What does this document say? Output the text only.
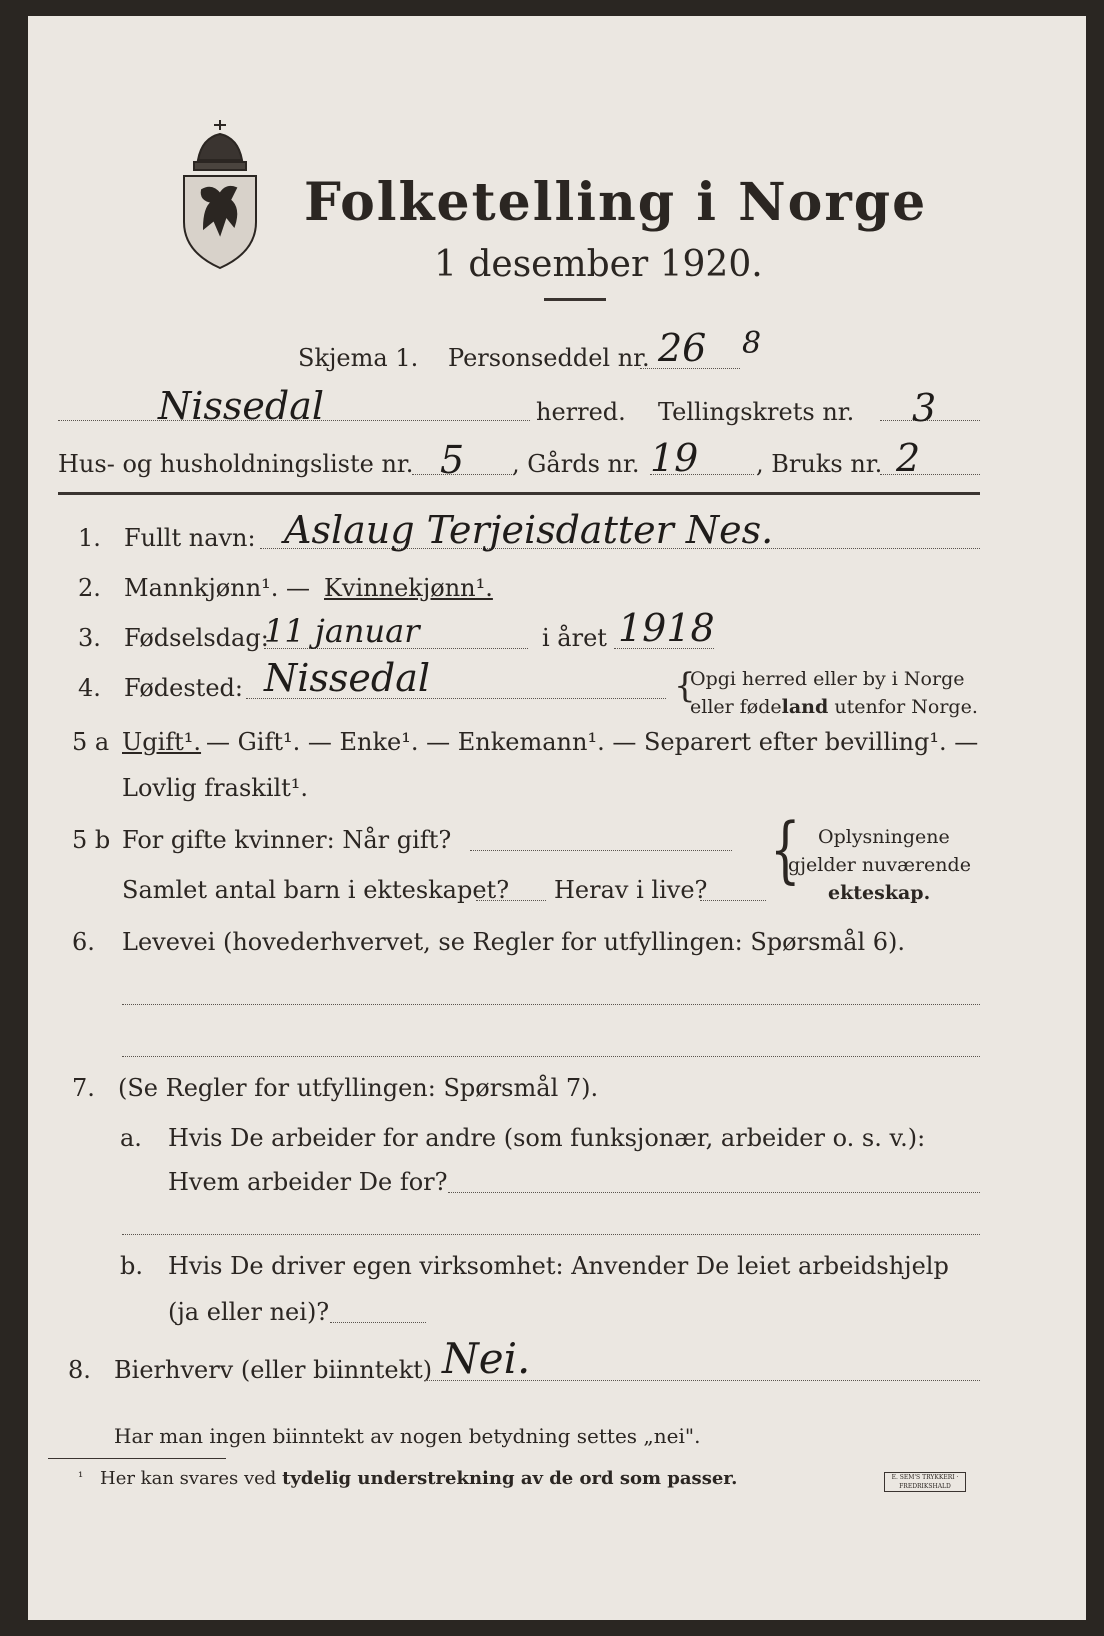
Folketelling i Norge
1 desember 1920.
Skjema 1. Personseddel nr. 26 8
Nissedal	herred. Tellingskrets nr. 3
Hus- og husholdningsliste nr. 5 , Gårds nr. 19 , Bruks nr. 2
1. Fullt navn: Aslaug Terjeisdatter Nes.
2. Mannkjønn¹. — Kvinnekjønn¹.
3. Fødselsdag:
11 januar	i året 1918
4. Fødested: Nissedal	{
Opgi herred eller by i Norge
eller fødeland utenfor Norge.
5 a Ugift¹. — Gift¹. — Enke¹. — Enkemann¹. — Separert efter bevilling¹. —
Lovlig fraskilt¹.
5 b For gifte kvinner: Når gift?
Samlet antal barn i ekteskapet? Herav i live? { Oplysningene
gjelder nuværende
ekteskap.
6. Levevei (hovederhvervet, se Regler for utfyllingen: Spørsmål 6).
7. (Se Regler for utfyllingen: Spørsmål 7).
a. Hvis De arbeider for andre (som funksjonær, arbeider o. s. v.):
Hvem arbeider De for?
b. Hvis De driver egen virksomhet: Anvender De leiet arbeidshjelp
(ja eller nei)?
8. Bierhverv (eller biinntekt) Nei.
Har man ingen biinntekt av nogen betydning settes „nei".
¹ Her kan svares ved tydelig understrekning av de ord som passer.	E. SEM'S TRYKKERI · FREDRIKSHALD
